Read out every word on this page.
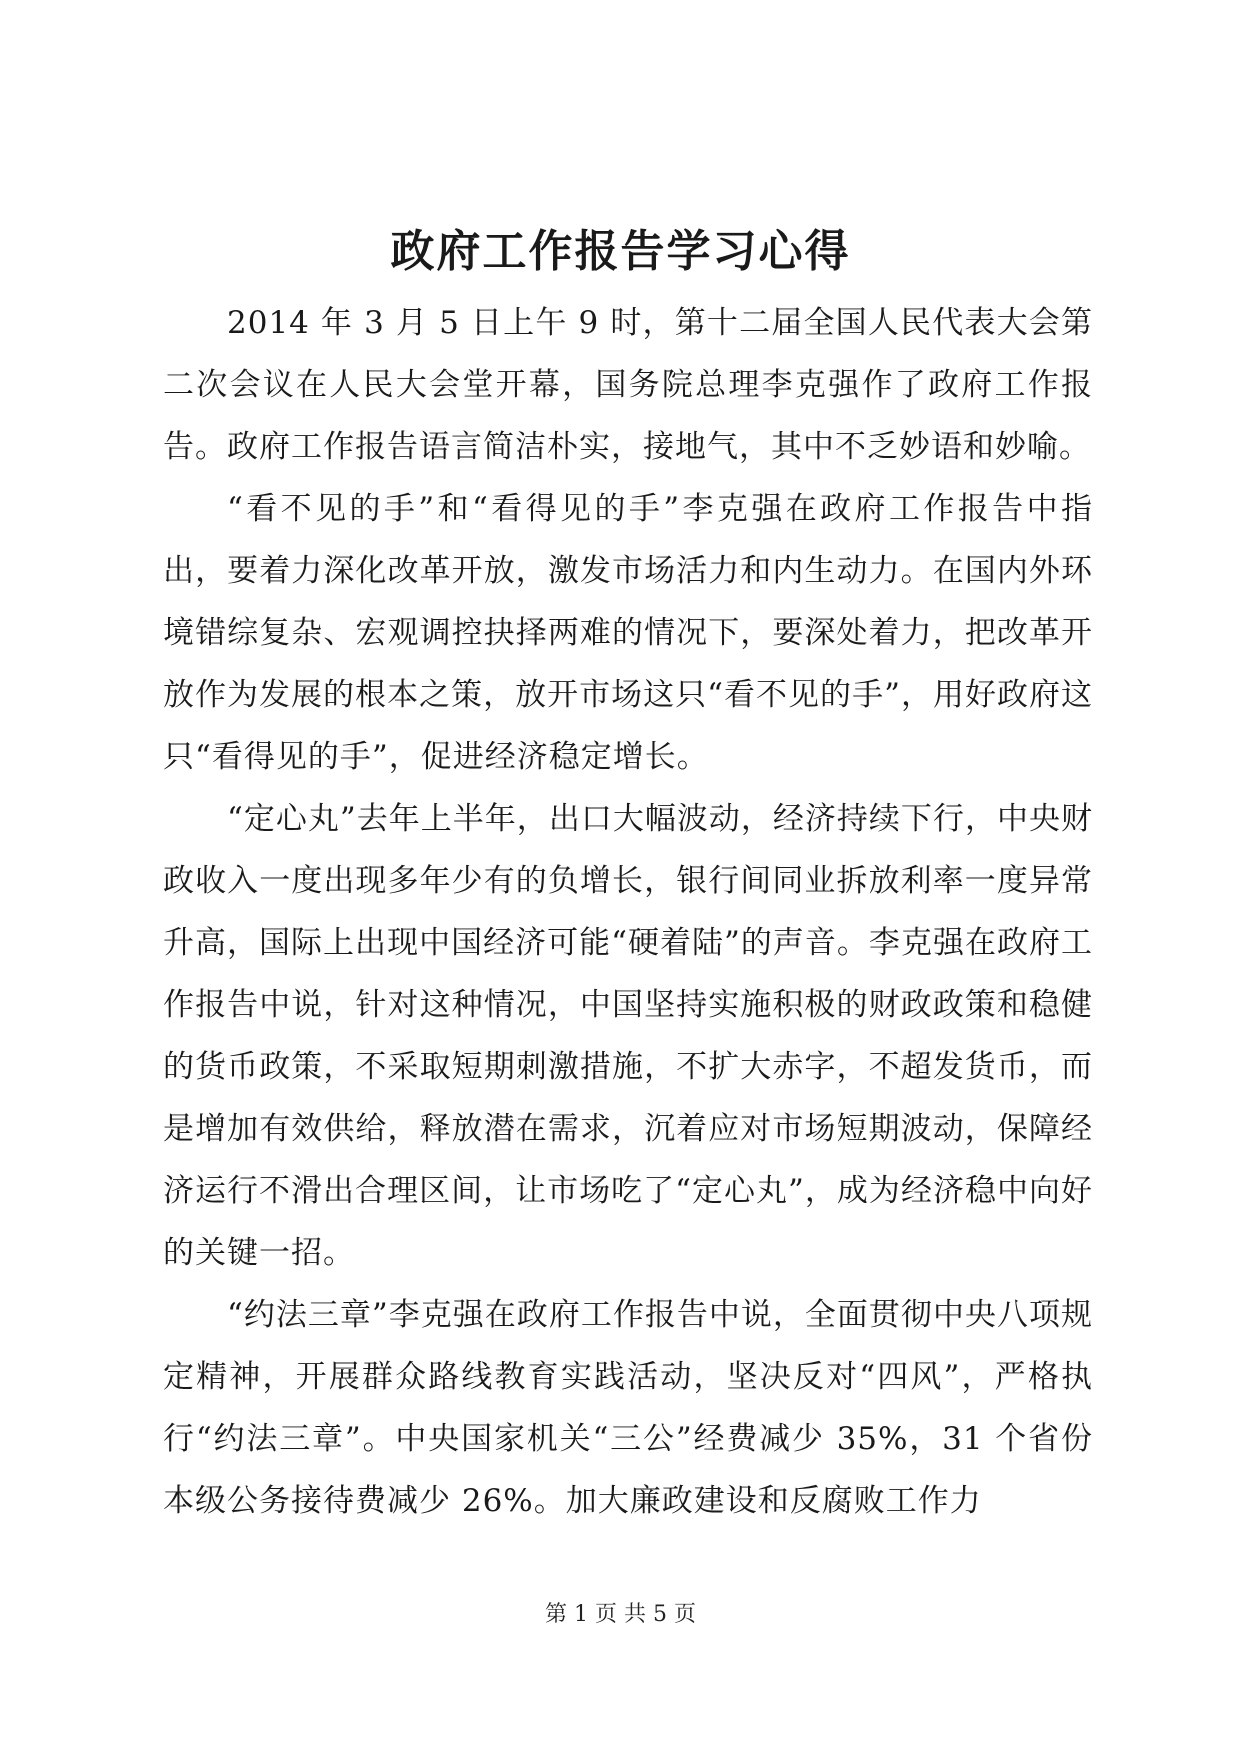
政府工作报告学习心得

2014 年 3 月 5 日上午 9 时，第十二届全国人民代表大会第二次会议在人民大会堂开幕，国务院总理李克强作了政府工作报告。政府工作报告语言简洁朴实，接地气，其中不乏妙语和妙喻。

“看不见的手”和“看得见的手”李克强在政府工作报告中指出，要着力深化改革开放，激发市场活力和内生动力。在国内外环境错综复杂、宏观调控抉择两难的情况下，要深处着力，把改革开放作为发展的根本之策，放开市场这只“看不见的手”，用好政府这只“看得见的手”，促进经济稳定增长。

“定心丸”去年上半年，出口大幅波动，经济持续下行，中央财政收入一度出现多年少有的负增长，银行间同业拆放利率一度异常升高，国际上出现中国经济可能“硬着陆”的声音。李克强在政府工作报告中说，针对这种情况，中国坚持实施积极的财政政策和稳健的货币政策，不采取短期刺激措施，不扩大赤字，不超发货币，而是增加有效供给，释放潜在需求，沉着应对市场短期波动，保障经济运行不滑出合理区间，让市场吃了“定心丸”，成为经济稳中向好的关键一招。

“约法三章”李克强在政府工作报告中说，全面贯彻中央八项规定精神，开展群众路线教育实践活动，坚决反对“四风”，严格执行“约法三章”。中央国家机关“三公”经费减少 35%，31 个省份本级公务接待费减少 26%。加大廉政建设和反腐败工作力

第 1 页 共 5 页
